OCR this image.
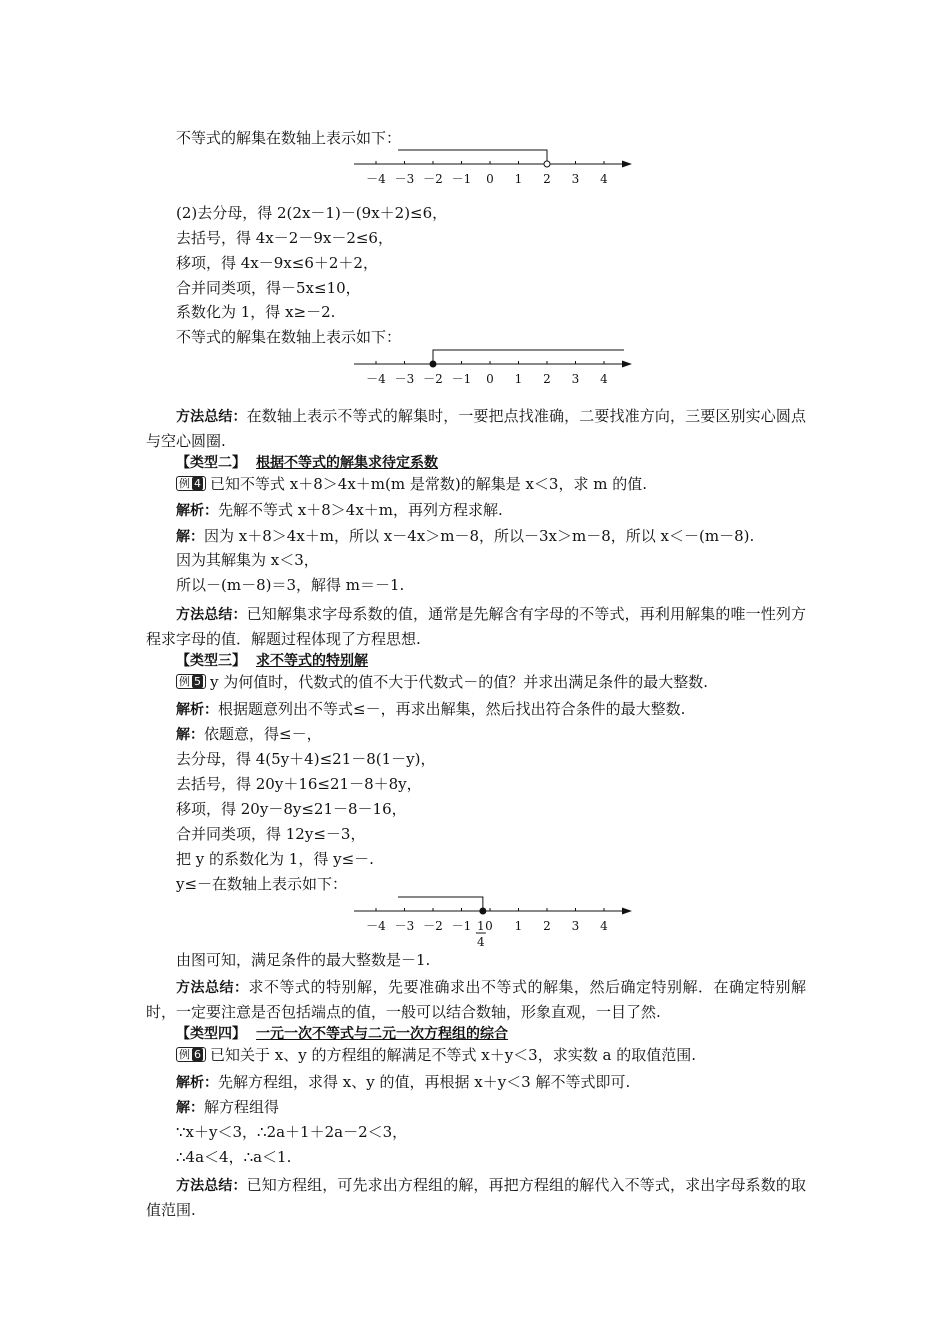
不等式的解集在数轴上表示如下：
－4 －3 －2 －1 0 1 2 3 4
(2)去分母，得 2(2x－1)－(9x＋2)≤6，
去括号，得 4x－2－9x－2≤6，
移项，得 4x－9x≤6＋2＋2，
合并同类项，得－5x≤10，
系数化为 1，得 x≥－2.
不等式的解集在数轴上表示如下：
－4 －3 －2 －1 0 1 2 3 4
方法总结：在数轴上表示不等式的解集时，一要把点找准确，二要找准方向，三要区别实心圆点与空心圆圈.
【类型二】 根据不等式的解集求待定系数
例 4 已知不等式 x＋8＞4x＋m(m 是常数)的解集是 x＜3，求 m 的值.
解析：先解不等式 x＋8＞4x＋m，再列方程求解.
解：因为 x＋8＞4x＋m，所以 x－4x＞m－8，所以－3x＞m－8，所以 x＜－(m－8).
因为其解集为 x＜3，
所以－(m－8)＝3，解得 m＝－1.
方法总结：已知解集求字母系数的值，通常是先解含有字母的不等式，再利用解集的唯一性列方程求字母的值．解题过程体现了方程思想.
【类型三】 求不等式的特别解
例 5 y 为何值时，代数式的值不大于代数式－的值？并求出满足条件的最大整数.
解析：根据题意列出不等式≤－，再求出解集，然后找出符合条件的最大整数.
解：依题意，得≤－，
去分母，得 4(5y＋4)≤21－8(1－y)，
去括号，得 20y＋16≤21－8＋8y，
移项，得 20y－8y≤21－8－16，
合并同类项，得 12y≤－3，
把 y 的系数化为 1，得 y≤－.
y≤－在数轴上表示如下：
－4 －3 －2 －1	1 2 3 4
1
4
0
由图可知，满足条件的最大整数是－1.
方法总结：求不等式的特别解，先要准确求出不等式的解集，然后确定特别解．在确定特别解时，一定要注意是否包括端点的值，一般可以结合数轴，形象直观，一目了然.
【类型四】 一元一次不等式与二元一次方程组的综合
例 6 已知关于 x、y 的方程组的解满足不等式 x＋y＜3，求实数 a 的取值范围.
解析：先解方程组，求得 x、y 的值，再根据 x＋y＜3 解不等式即可.
解：解方程组得
∵x＋y＜3，∴2a＋1＋2a－2＜3，
∴4a＜4，∴a＜1.
方法总结：已知方程组，可先求出方程组的解，再把方程组的解代入不等式，求出字母系数的取值范围.
